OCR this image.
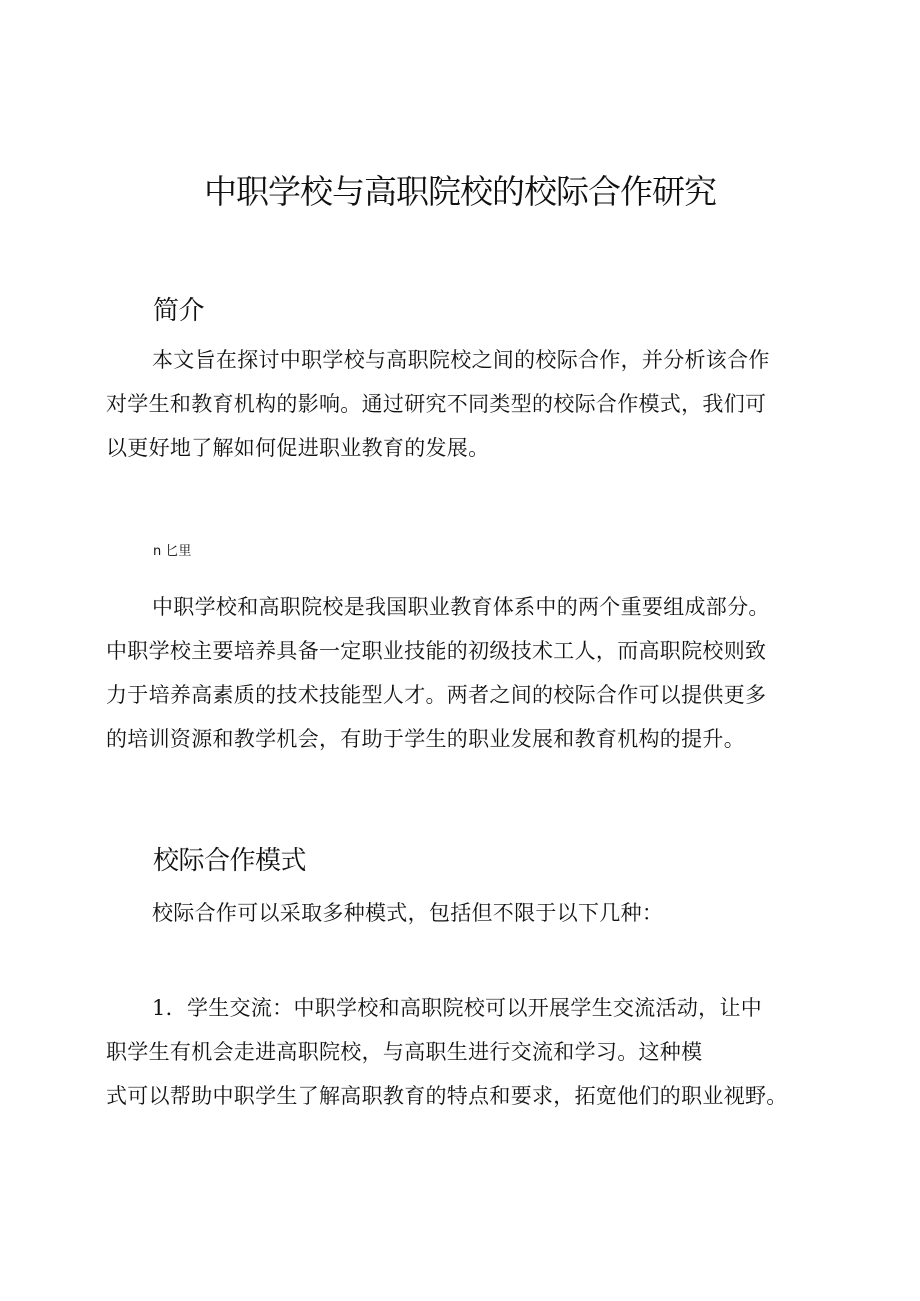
中职学校与高职院校的校际合作研究
简介
本文旨在探讨中职学校与高职院校之间的校际合作，并分析该合作
对学生和教育机构的影响。通过研究不同类型的校际合作模式，我们可
以更好地了解如何促进职业教育的发展。

n 匕里

中职学校和高职院校是我国职业教育体系中的两个重要组成部分。
中职学校主要培养具备一定职业技能的初级技术工人，而高职院校则致
力于培养高素质的技术技能型人才。两者之间的校际合作可以提供更多
的培训资源和教学机会，有助于学生的职业发展和教育机构的提升。
校际合作模式
校际合作可以采取多种模式，包括但不限于以下几种：
1．学生交流：中职学校和高职院校可以开展学生交流活动，让中
职学生有机会走进高职院校，与高职生进行交流和学习。这种模
式可以帮助中职学生了解高职教育的特点和要求，拓宽他们的职业视野。
